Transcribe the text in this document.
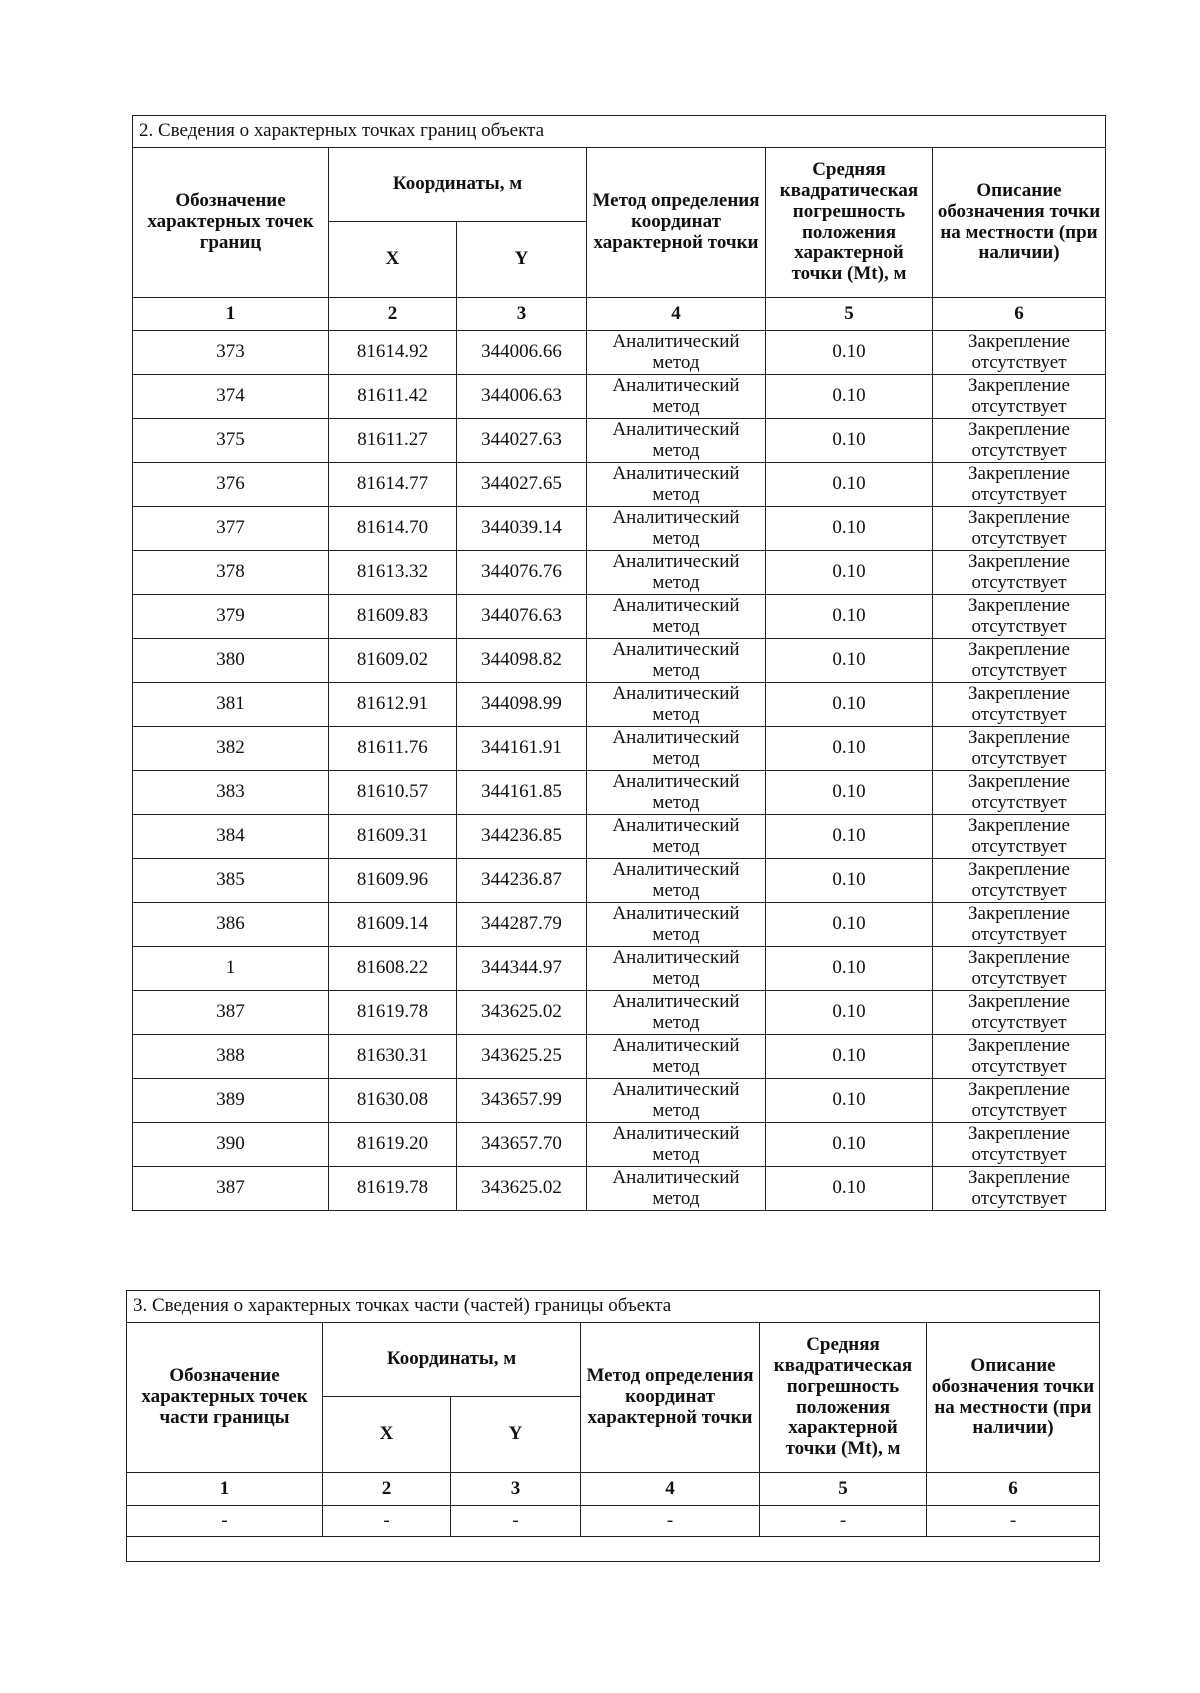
2. Сведения о характерных точках границ объекта					
Обозначение характерных точек границ	Координаты, м		Метод определения координат характерной точки	Средняя квадратическая погрешность положения характерной точки (Mt), м	Описание обозначения точки на местности (при наличии)
	X	Y			
1	2	3	4	5	6
373	81614.92	344006.66	Аналитический метод	0.10	Закрепление отсутствует
374	81611.42	344006.63	Аналитический метод	0.10	Закрепление отсутствует
375	81611.27	344027.63	Аналитический метод	0.10	Закрепление отсутствует
376	81614.77	344027.65	Аналитический метод	0.10	Закрепление отсутствует
377	81614.70	344039.14	Аналитический метод	0.10	Закрепление отсутствует
378	81613.32	344076.76	Аналитический метод	0.10	Закрепление отсутствует
379	81609.83	344076.63	Аналитический метод	0.10	Закрепление отсутствует
380	81609.02	344098.82	Аналитический метод	0.10	Закрепление отсутствует
381	81612.91	344098.99	Аналитический метод	0.10	Закрепление отсутствует
382	81611.76	344161.91	Аналитический метод	0.10	Закрепление отсутствует
383	81610.57	344161.85	Аналитический метод	0.10	Закрепление отсутствует
384	81609.31	344236.85	Аналитический метод	0.10	Закрепление отсутствует
385	81609.96	344236.87	Аналитический метод	0.10	Закрепление отсутствует
386	81609.14	344287.79	Аналитический метод	0.10	Закрепление отсутствует
1	81608.22	344344.97	Аналитический метод	0.10	Закрепление отсутствует
387	81619.78	343625.02	Аналитический метод	0.10	Закрепление отсутствует
388	81630.31	343625.25	Аналитический метод	0.10	Закрепление отсутствует
389	81630.08	343657.99	Аналитический метод	0.10	Закрепление отсутствует
390	81619.20	343657.70	Аналитический метод	0.10	Закрепление отсутствует
387	81619.78	343625.02	Аналитический метод	0.10	Закрепление отсутствует
3. Сведения о характерных точках части (частей) границы объекта					
Обозначение характерных точек части границы	Координаты, м		Метод определения координат характерной точки	Средняя квадратическая погрешность положения характерной точки (Mt), м	Описание обозначения точки на местности (при наличии)
	X	Y			
1	2	3	4	5	6
-	-	-	-	-	-
